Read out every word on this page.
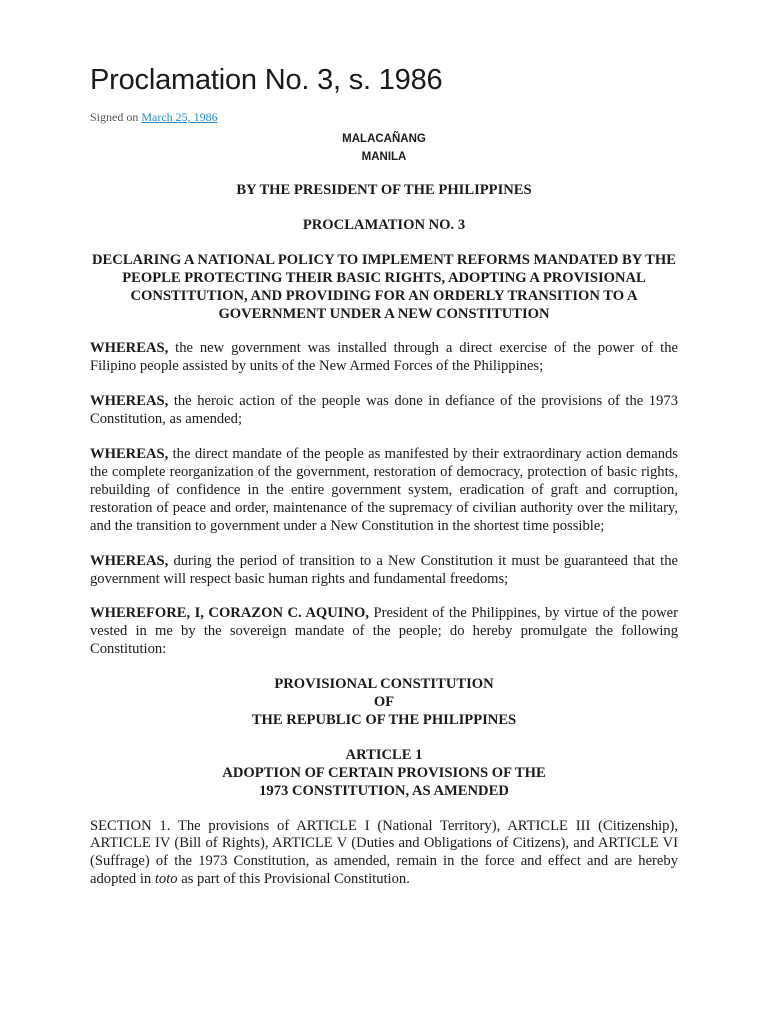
Proclamation No. 3, s. 1986
Signed on March 25, 1986

MALACAÑANG

MANILA

BY THE PRESIDENT OF THE PHILIPPINES

PROCLAMATION NO. 3

DECLARING A NATIONAL POLICY TO IMPLEMENT REFORMS MANDATED BY THE PEOPLE PROTECTING THEIR BASIC RIGHTS, ADOPTING A PROVISIONAL CONSTITUTION, AND PROVIDING FOR AN ORDERLY TRANSITION TO A GOVERNMENT UNDER A NEW CONSTITUTION

WHEREAS, the new government was installed through a direct exercise of the power of the Filipino people assisted by units of the New Armed Forces of the Philippines;

WHEREAS, the heroic action of the people was done in defiance of the provisions of the 1973 Constitution, as amended;

WHEREAS, the direct mandate of the people as manifested by their extraordinary action demands the complete reorganization of the government, restoration of democracy, protection of basic rights, rebuilding of confidence in the entire government system, eradication of graft and corruption, restoration of peace and order, maintenance of the supremacy of civilian authority over the military, and the transition to government under a New Constitution in the shortest time possible;

WHEREAS, during the period of transition to a New Constitution it must be guaranteed that the government will respect basic human rights and fundamental freedoms;

WHEREFORE, I, CORAZON C. AQUINO, President of the Philippines, by virtue of the power vested in me by the sovereign mandate of the people; do hereby promulgate the following Constitution:

PROVISIONAL CONSTITUTION

OF

THE REPUBLIC OF THE PHILIPPINES

ARTICLE 1

ADOPTION OF CERTAIN PROVISIONS OF THE

1973 CONSTITUTION, AS AMENDED

SECTION 1. The provisions of ARTICLE I (National Territory), ARTICLE III (Citizenship), ARTICLE IV (Bill of Rights), ARTICLE V (Duties and Obligations of Citizens), and ARTICLE VI (Suffrage) of the 1973 Constitution, as amended, remain in the force and effect and are hereby adopted in toto as part of this Provisional Constitution.
